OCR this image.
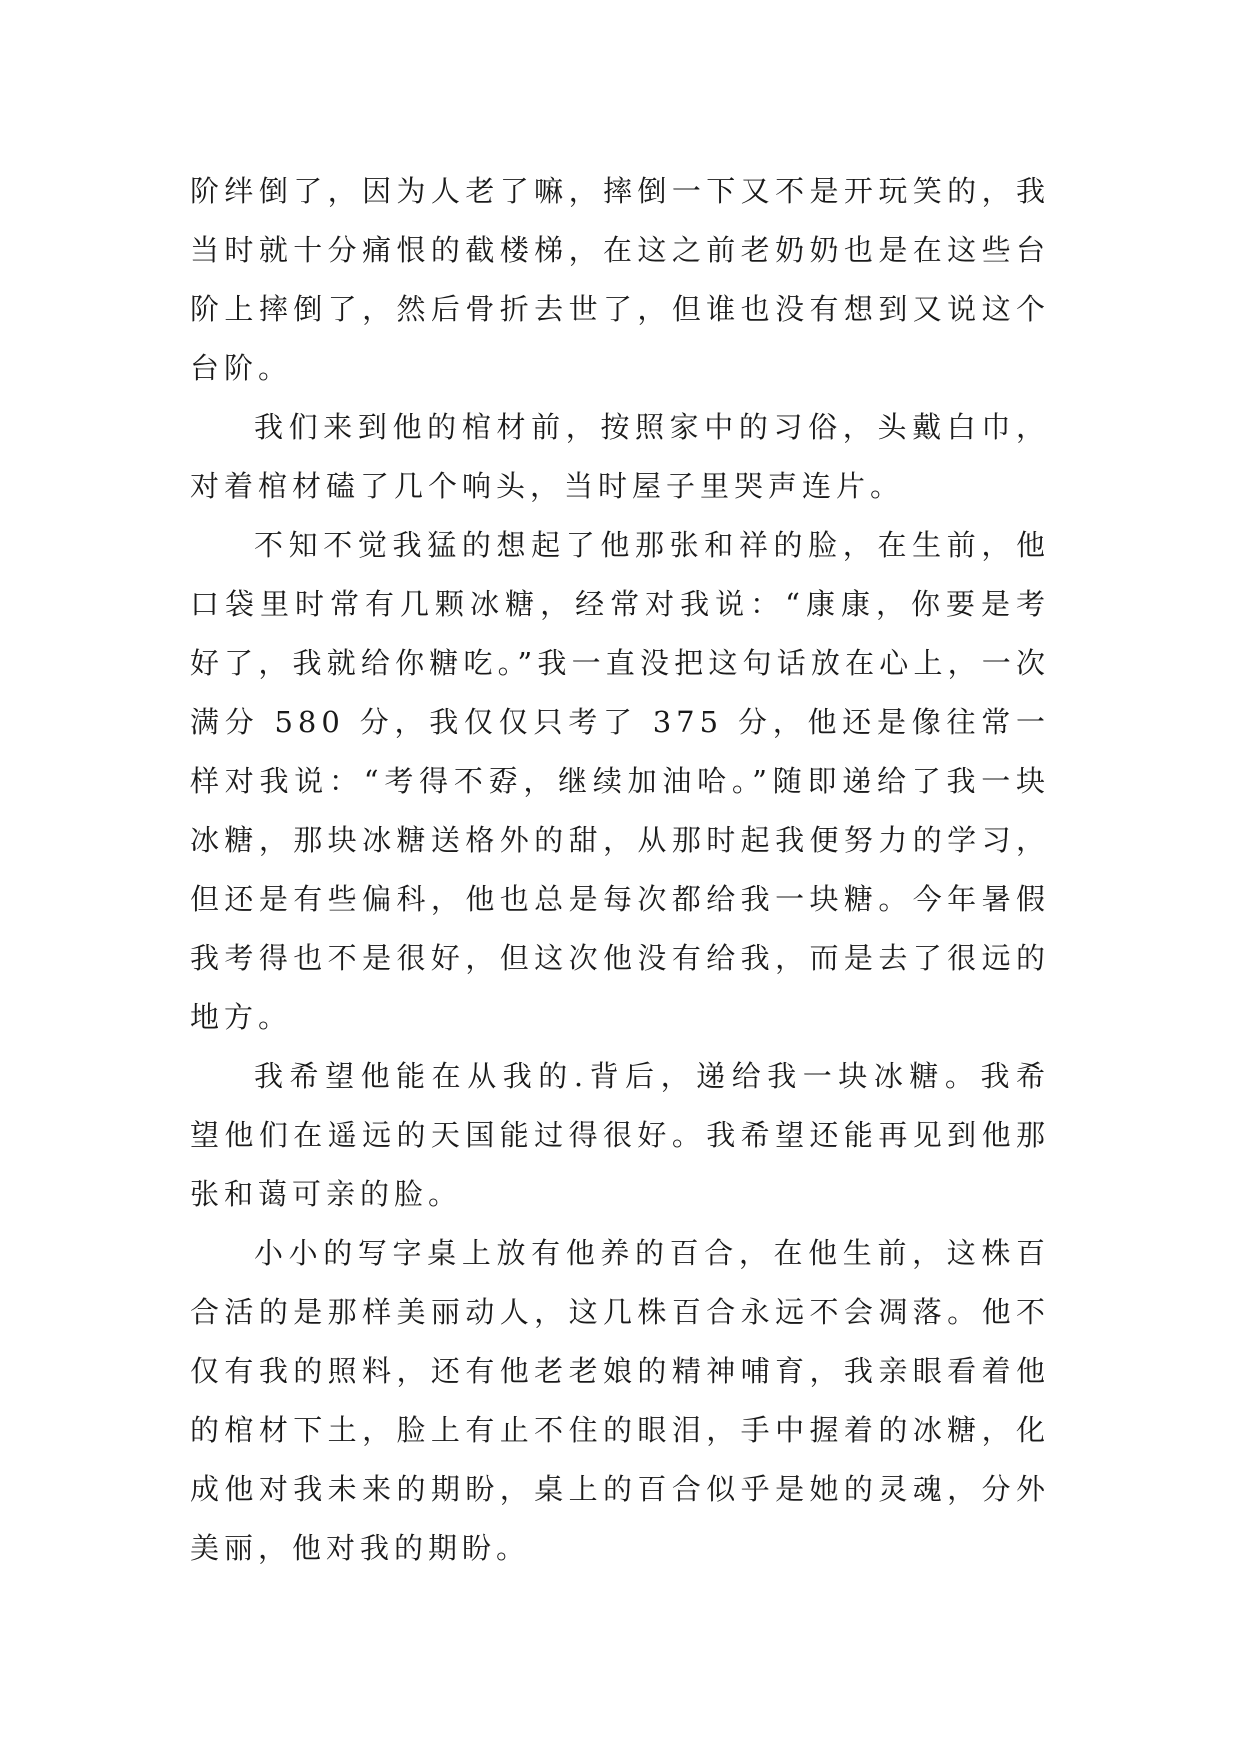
阶绊倒了，因为人老了嘛，摔倒一下又不是开玩笑的，我当时就十分痛恨的截楼梯，在这之前老奶奶也是在这些台阶上摔倒了，然后骨折去世了，但谁也没有想到又说这个台阶。

我们来到他的棺材前，按照家中的习俗，头戴白巾，对着棺材磕了几个响头，当时屋子里哭声连片。

不知不觉我猛的想起了他那张和祥的脸，在生前，他口袋里时常有几颗冰糖，经常对我说：“康康，你要是考好了，我就给你糖吃。”我一直没把这句话放在心上，一次满分 580 分，我仅仅只考了 375 分，他还是像往常一样对我说：“考得不孬，继续加油哈。”随即递给了我一块冰糖，那块冰糖送格外的甜，从那时起我便努力的学习，但还是有些偏科，他也总是每次都给我一块糖。今年暑假我考得也不是很好，但这次他没有给我，而是去了很远的地方。

我希望他能在从我的.背后，递给我一块冰糖。我希望他们在遥远的天国能过得很好。我希望还能再见到他那张和蔼可亲的脸。

小小的写字桌上放有他养的百合，在他生前，这株百合活的是那样美丽动人，这几株百合永远不会凋落。他不仅有我的照料，还有他老老娘的精神哺育，我亲眼看着他的棺材下土，脸上有止不住的眼泪，手中握着的冰糖，化成他对我未来的期盼，桌上的百合似乎是她的灵魂，分外美丽，他对我的期盼。
